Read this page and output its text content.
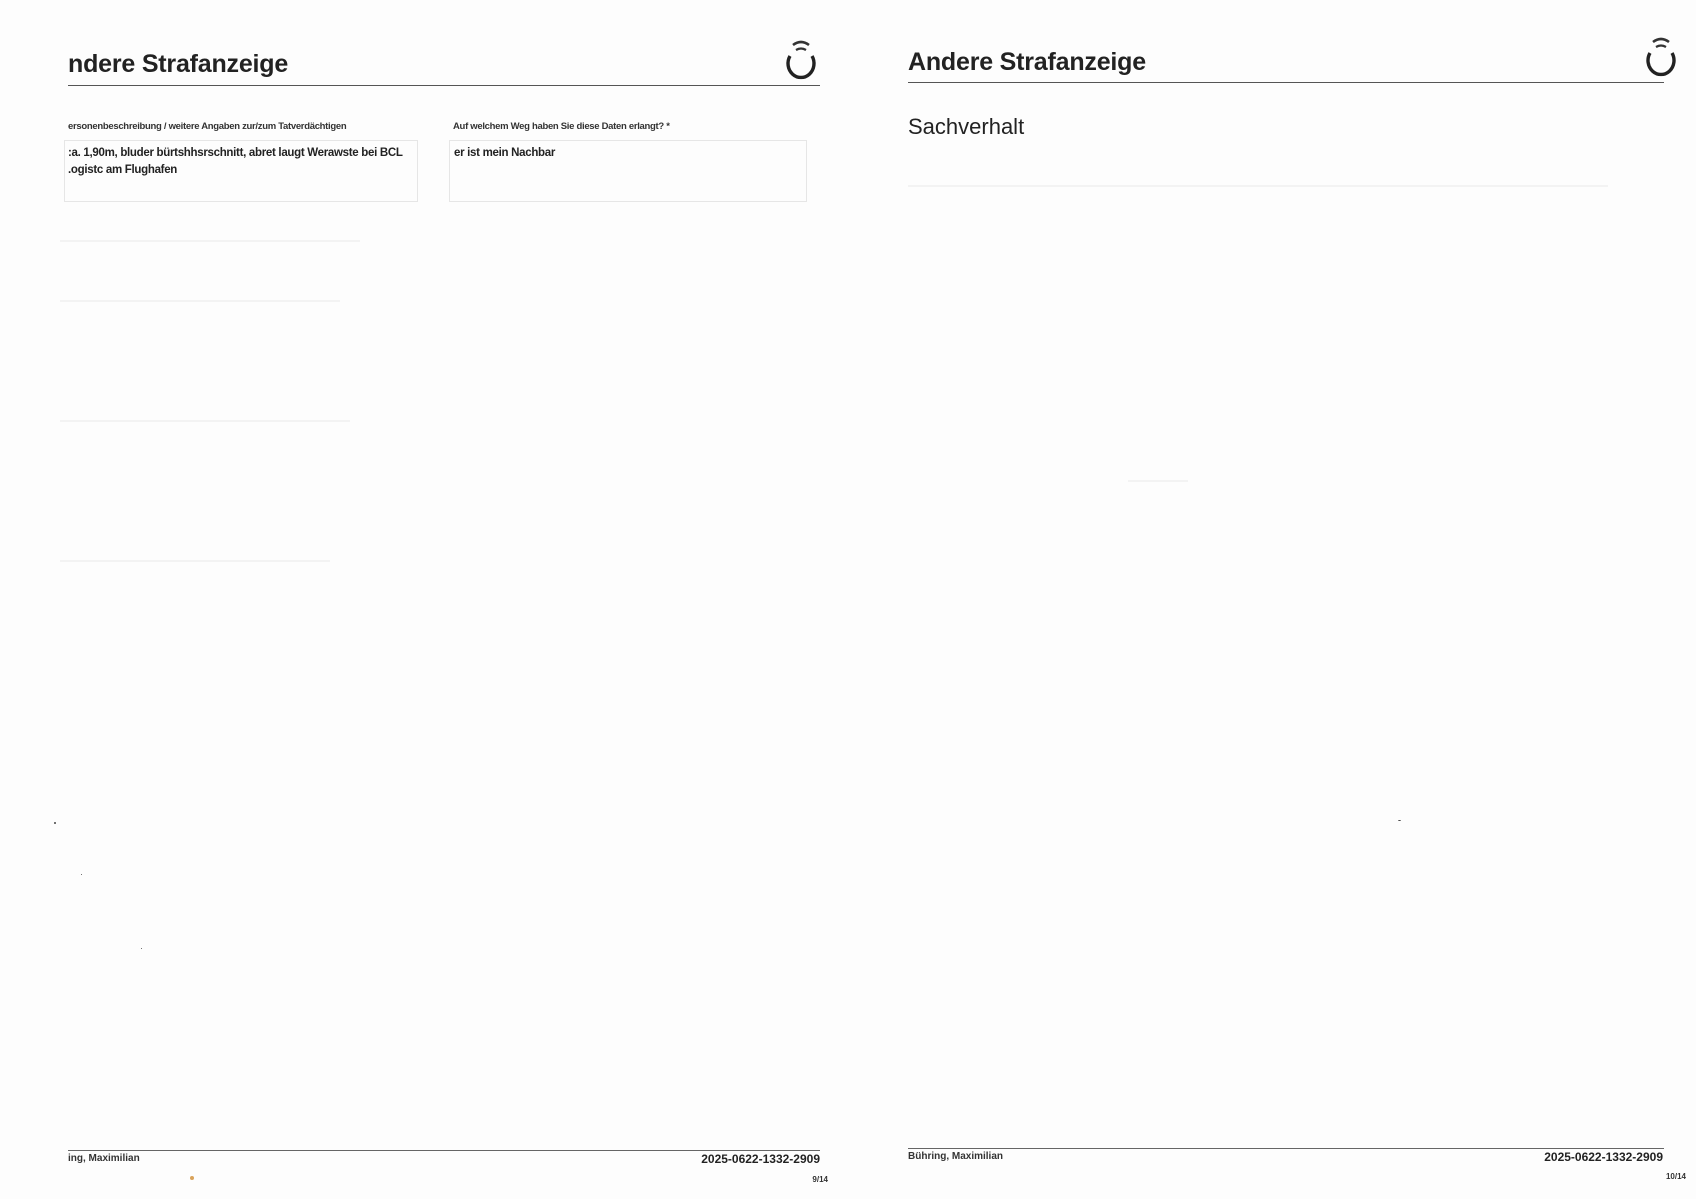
ndere Strafanzeige
ersonenbeschreibung / weitere Angaben zur/zum Tatverdächtigen
:a. 1,90m, bluder bürtshhsrschnitt, abret laugt Werawste bei BCL .ogistc am Flughafen
Auf welchem Weg haben Sie diese Daten erlangt? *
er ist mein Nachbar
ing, Maximilian	2025-0622-1332-2909
9/14
Andere Strafanzeige
Sachverhalt
Bühring, Maximilian	2025-0622-1332-2909
10/14
